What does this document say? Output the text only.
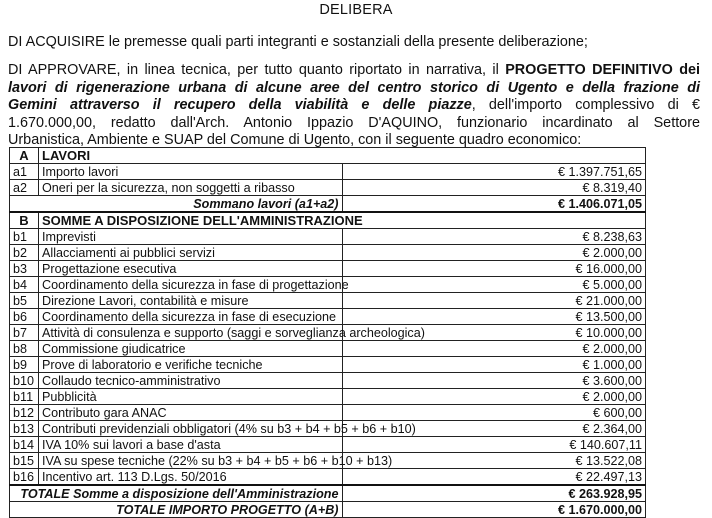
DELIBERA
DI ACQUISIRE le premesse quali parti integranti e sostanziali della presente deliberazione;
DI APPROVARE, in linea tecnica, per tutto quanto riportato in narrativa, il PROGETTO DEFINITIVO dei
lavori di rigenerazione urbana di alcune aree del centro storico di Ugento e della frazione di
Gemini attraverso il recupero della viabilità e delle piazze, dell'importo complessivo di €
1.670.000,00, redatto dall'Arch. Antonio Ippazio D'AQUINO, funzionario incardinato al Settore
Urbanistica, Ambiente e SUAP del Comune di Ugento, con il seguente quadro economico:
A	LAVORI	
a1	Importo lavori	€ 1.397.751,65
a2	Oneri per la sicurezza, non soggetti a ribasso	€ 8.319,40
Sommano lavori (a1+a2)		€ 1.406.071,05
B	SOMME A DISPOSIZIONE DELL'AMMINISTRAZIONE	
b1	Imprevisti	€ 8.238,63
b2	Allacciamenti ai pubblici servizi	€ 2.000,00
b3	Progettazione esecutiva	€ 16.000,00
b4	Coordinamento della sicurezza in fase di progettazione	€ 5.000,00
b5	Direzione Lavori, contabilità e misure	€ 21.000,00
b6	Coordinamento della sicurezza in fase di esecuzione	€ 13.500,00
b7	Attività di consulenza e supporto (saggi e sorveglianza archeologica)	€ 10.000,00
b8	Commissione giudicatrice	€ 2.000,00
b9	Prove di laboratorio e verifiche tecniche	€ 1.000,00
b10	Collaudo tecnico-amministrativo	€ 3.600,00
b11	Pubblicità	€ 2.000,00
b12	Contributo gara ANAC	€ 600,00
b13	Contributi previdenziali obbligatori (4% su b3 + b4 + b5 + b6 + b10)	€ 2.364,00
b14	IVA 10% sui lavori a base d'asta	€ 140.607,11
b15	IVA su spese tecniche (22% su b3 + b4 + b5 + b6 + b10 + b13)	€ 13.522,08
b16	Incentivo art. 113 D.Lgs. 50/2016	€ 22.497,13
TOTALE Somme a disposizione dell'Amministrazione		€ 263.928,95
TOTALE IMPORTO PROGETTO (A+B)		€ 1.670.000,00
